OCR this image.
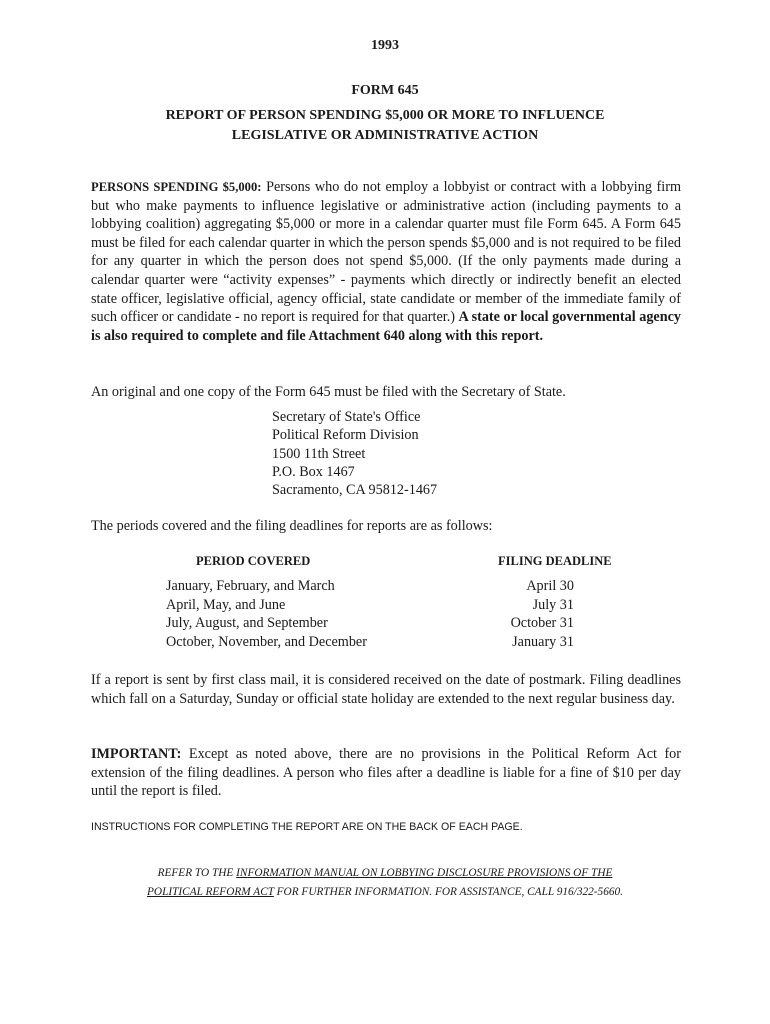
1993
FORM 645
REPORT OF PERSON SPENDING $5,000 OR MORE TO INFLUENCE
LEGISLATIVE OR ADMINISTRATIVE ACTION
PERSONS SPENDING $5,000: Persons who do not employ a lobbyist or contract with a lobbying firm but who make payments to influence legislative or administrative action (including payments to a lobbying coalition) aggregating $5,000 or more in a calendar quarter must file Form 645. A Form 645 must be filed for each calendar quarter in which the person spends $5,000 and is not required to be filed for any quarter in which the person does not spend $5,000. (If the only payments made during a calendar quarter were “activity expenses” - payments which directly or indirectly benefit an elected state officer, legislative official, agency official, state candidate or member of the immediate family of such officer or candidate - no report is required for that quarter.) A state or local governmental agency is also required to complete and file Attachment 640 along with this report.
An original and one copy of the Form 645 must be filed with the Secretary of State.
Secretary of State's Office
Political Reform Division
1500 11th Street
P.O. Box 1467
Sacramento, CA 95812-1467
The periods covered and the filing deadlines for reports are as follows:
PERIOD COVERED	FILING DEADLINE
January, February, and March
April, May, and June
July, August, and September
October, November, and December
April 30
July 31
October 31
January 31
If a report is sent by first class mail, it is considered received on the date of postmark. Filing deadlines which fall on a Saturday, Sunday or official state holiday are extended to the next regular business day.
IMPORTANT: Except as noted above, there are no provisions in the Political Reform Act for extension of the filing deadlines. A person who files after a deadline is liable for a fine of $10 per day until the report is filed.
INSTRUCTIONS FOR COMPLETING THE REPORT ARE ON THE BACK OF EACH PAGE.
REFER TO THE INFORMATION MANUAL ON LOBBYING DISCLOSURE PROVISIONS OF THE
POLITICAL REFORM ACT FOR FURTHER INFORMATION. FOR ASSISTANCE, CALL 916/322-5660.
